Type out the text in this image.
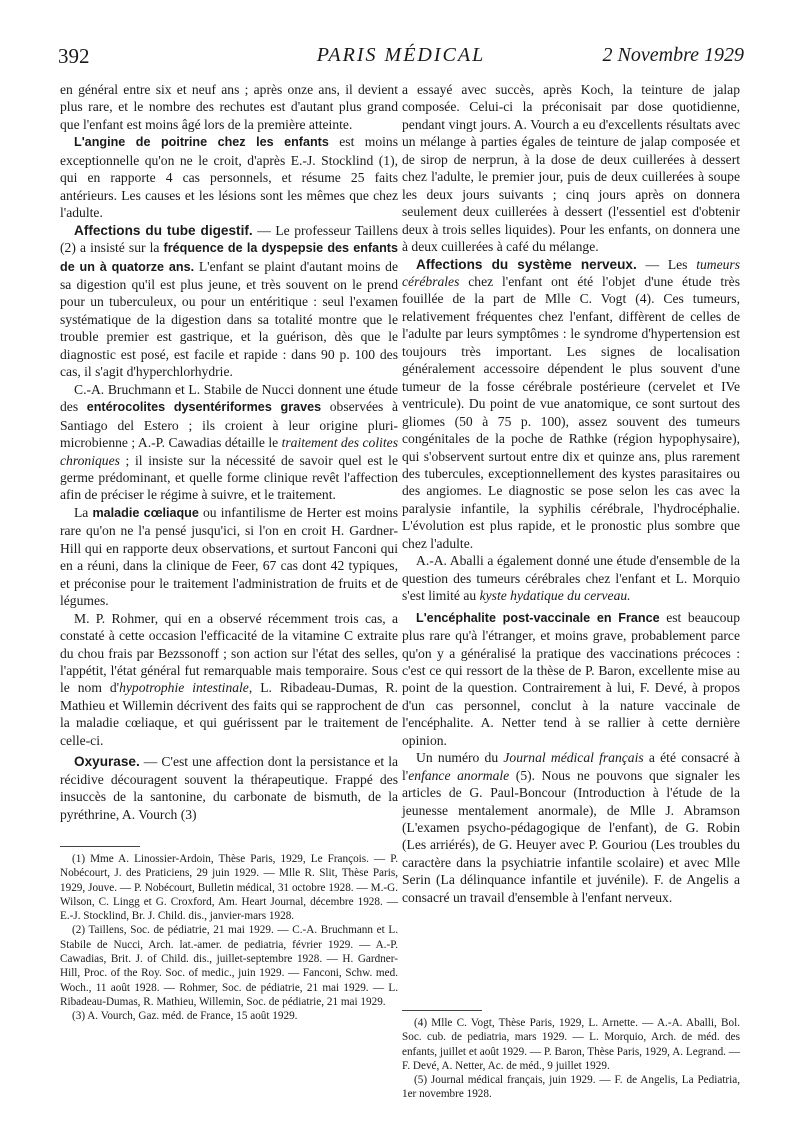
PARIS MÉDICAL
392	2 Novembre 1929

en général entre six et neuf ans ; après onze ans, il devient plus rare, et le nombre des rechutes est d'autant plus grand que l'enfant est moins âgé lors de la première atteinte.

L'angine de poitrine chez les enfants est moins exceptionnelle qu'on ne le croit, d'après E.-J. Stocklind (1), qui en rapporte 4 cas personnels, et résume 25 faits antérieurs. Les causes et les lésions sont les mêmes que chez l'adulte.

Affections du tube digestif. — Le professeur Taillens (2) a insisté sur la fréquence de la dyspepsie des enfants de un à quatorze ans. L'enfant se plaint d'autant moins de sa digestion qu'il est plus jeune, et très souvent on le prend pour un tuberculeux, ou pour un entéritique : seul l'examen systématique de la digestion dans sa totalité montre que le trouble premier est gastrique, et la guérison, dès que le diagnostic est posé, est facile et rapide : dans 90 p. 100 des cas, il s'agit d'hyperchlorhydrie.

C.-A. Bruchmann et L. Stabile de Nucci donnent une étude des entérocolites dysentériformes graves observées à Santiago del Estero ; ils croient à leur origine pluri-microbienne ; A.-P. Cawadias détaille le traitement des colites chroniques ; il insiste sur la nécessité de savoir quel est le germe prédominant, et quelle forme clinique revêt l'affection afin de préciser le régime à suivre, et le traitement.

La maladie cœliaque ou infantilisme de Herter est moins rare qu'on ne l'a pensé jusqu'ici, si l'on en croit H. Gardner-Hill qui en rapporte deux observations, et surtout Fanconi qui en a réuni, dans la clinique de Feer, 67 cas dont 42 typiques, et préconise pour le traitement l'administration de fruits et de légumes.

M. P. Rohmer, qui en a observé récemment trois cas, a constaté à cette occasion l'efficacité de la vitamine C extraite du chou frais par Bezssonoff ; son action sur l'état des selles, l'appétit, l'état général fut remarquable mais temporaire. Sous le nom d'hypotrophie intestinale, L. Ribadeau-Dumas, R. Mathieu et Willemin décrivent des faits qui se rapprochent de la maladie cœliaque, et qui guérissent par le traitement de celle-ci.

Oxyurase. — C'est une affection dont la persistance et la récidive découragent souvent la thérapeutique. Frappé des insuccès de la santonine, du carbonate de bismuth, de la pyréthrine, A. Vourch (3)

(1) Mme A. Linossier-Ardoin, Thèse Paris, 1929, Le François. — P. Nobécourt, J. des Praticiens, 29 juin 1929. — Mlle R. Slit, Thèse Paris, 1929, Jouve. — P. Nobécourt, Bulletin médical, 31 octobre 1928. — M.-G. Wilson, C. Lingg et G. Croxford, Am. Heart Journal, décembre 1928. — E.-J. Stocklind, Br. J. Child. dis., janvier-mars 1928.

(2) Taillens, Soc. de pédiatrie, 21 mai 1929. — C.-A. Bruchmann et L. Stabile de Nucci, Arch. lat.-amer. de pediatria, février 1929. — A.-P. Cawadias, Brit. J. of Child. dis., juillet-septembre 1928. — H. Gardner-Hill, Proc. of the Roy. Soc. of medic., juin 1929. — Fanconi, Schw. med. Woch., 11 août 1928. — Rohmer, Soc. de pédiatrie, 21 mai 1929. — L. Ribadeau-Dumas, R. Mathieu, Willemin, Soc. de pédiatrie, 21 mai 1929.

(3) A. Vourch, Gaz. méd. de France, 15 août 1929.

a essayé avec succès, après Koch, la teinture de jalap composée. Celui-ci la préconisait par dose quotidienne, pendant vingt jours. A. Vourch a eu d'excellents résultats avec un mélange à parties égales de teinture de jalap composée et de sirop de nerprun, à la dose de deux cuillerées à dessert chez l'adulte, le premier jour, puis de deux cuillerées à soupe les deux jours suivants ; cinq jours après on donnera seulement deux cuillerées à dessert (l'essentiel est d'obtenir deux à trois selles liquides). Pour les enfants, on donnera une à deux cuillerées à café du mélange.

Affections du système nerveux. — Les tumeurs cérébrales chez l'enfant ont été l'objet d'une étude très fouillée de la part de Mlle C. Vogt (4). Ces tumeurs, relativement fréquentes chez l'enfant, diffèrent de celles de l'adulte par leurs symptômes : le syndrome d'hypertension est toujours très important. Les signes de localisation généralement accessoire dépendent le plus souvent d'une tumeur de la fosse cérébrale postérieure (cervelet et IVe ventricule). Du point de vue anatomique, ce sont surtout des gliomes (50 à 75 p. 100), assez souvent des tumeurs congénitales de la poche de Rathke (région hypophysaire), qui s'observent surtout entre dix et quinze ans, plus rarement des tubercules, exceptionnellement des kystes parasitaires ou des angiomes. Le diagnostic se pose selon les cas avec la paralysie infantile, la syphilis cérébrale, l'hydrocéphalie. L'évolution est plus rapide, et le pronostic plus sombre que chez l'adulte.

A.-A. Aballi a également donné une étude d'ensemble de la question des tumeurs cérébrales chez l'enfant et L. Morquio s'est limité au kyste hydatique du cerveau.

L'encéphalite post-vaccinale en France est beaucoup plus rare qu'à l'étranger, et moins grave, probablement parce qu'on y a généralisé la pratique des vaccinations précoces : c'est ce qui ressort de la thèse de P. Baron, excellente mise au point de la question. Contrairement à lui, F. Devé, à propos d'un cas personnel, conclut à la nature vaccinale de l'encéphalite. A. Netter tend à se rallier à cette dernière opinion.

Un numéro du Journal médical français a été consacré à l'enfance anormale (5). Nous ne pouvons que signaler les articles de G. Paul-Boncour (Introduction à l'étude de la jeunesse mentalement anormale), de Mlle J. Abramson (L'examen psycho-pédagogique de l'enfant), de G. Robin (Les arriérés), de G. Heuyer avec P. Gouriou (Les troubles du caractère dans la psychiatrie infantile scolaire) et avec Mlle Serin (La délinquance infantile et juvénile). F. de Angelis a consacré un travail d'ensemble à l'enfant nerveux.

(4) Mlle C. Vogt, Thèse Paris, 1929, L. Arnette. — A.-A. Aballi, Bol. Soc. cub. de pediatria, mars 1929. — L. Morquio, Arch. de méd. des enfants, juillet et août 1929. — P. Baron, Thèse Paris, 1929, A. Legrand. — F. Devé, A. Netter, Ac. de méd., 9 juillet 1929.

(5) Journal médical français, juin 1929. — F. de Angelis, La Pediatria, 1er novembre 1928.
